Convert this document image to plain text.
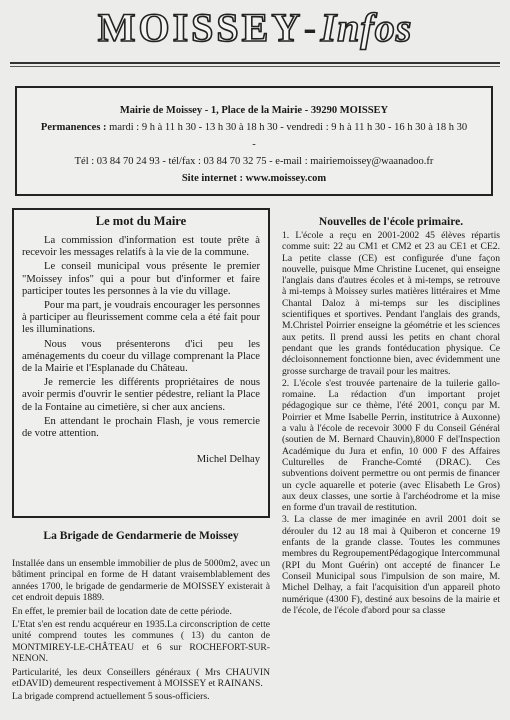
MOISSEY- Infos
Mairie de Moissey - 1, Place de la Mairie - 39290 MOISSEY
Permanences : mardi : 9 h à 11 h 30 - 13 h 30 à 18 h 30 - vendredi : 9 h à 11 h 30 - 16 h 30 à 18 h 30
-
Tél : 03 84 70 24 93 - tél/fax : 03 84 70 32 75 - e-mail : mairiemoissey@waanadoo.fr
Site internet : www.moissey.com
Le mot du Maire

La commission d'information est toute prête à recevoir les messages relatifs à la vie de la commune.

Le conseil municipal vous présente le premier "Moissey infos" qui a pour but d'informer et faire participer toutes les personnes à la vie du village.

Pour ma part, je voudrais encourager les personnes à participer au fleurissement comme cela a été fait pour les illuminations.

Nous vous présenterons d'ici peu les aménagements du coeur du village comprenant la Place de la Mairie et l'Esplanade du Château.

Je remercie les différents propriétaires de nous avoir permis d'ouvrir le sentier pédestre, reliant la Place de la Fontaine au cimetière, si cher aux anciens.

En attendant le prochain Flash, je vous remercie de votre attention.

Michel Delhay
La Brigade de Gendarmerie de Moissey

Installée dans un ensemble immobilier de plus de 5000m2, avec un bâtiment principal en forme de H datant vraisemblablement des années 1700, le brigade de gendarmerie de MOISSEY existerait à cet endroit depuis 1889.

En effet, le premier bail de location date de cette période.

L'Etat s'en est rendu acquéreur en 1935.La circonscription de cette unité comprend toutes les communes ( 13) du canton de MONTMIREY-LE-CHÂTEAU et 6 sur ROCHEFORT-SUR-NENON.

Particularité, les deux Conseillers généraux ( Mrs CHAUVIN etDAVID) demeurent respectivement à MOISSEY et RAINANS.

La brigade comprend actuellement 5 sous-officiers.

Nouvelles de l'école primaire.

1. L'école a reçu en 2001-2002 45 élèves répartis comme suit: 22 au CM1 et CM2 et 23 au CE1 et CE2. La petite classe (CE) est configurée d'une façon nouvelle, puisque Mme Christine Lucenet, qui enseigne l'anglais dans d'autres écoles et à mi-temps, se retrouve à mi-temps à Moissey surles matières littéraires et Mme Chantal Daloz à mi-temps sur les disciplines scientifiques et sportives. Pendant l'anglais des grands, M.Christel Poirrier enseigne la géométrie et les sciences aux petits. Il prend aussi les petits en chant choral pendant que les grands fontéducation physique. Ce décloisonnement fonctionne bien, avec évidemment une grosse surcharge de travail pour les maitres.

2. L'école s'est trouvée partenaire de la tuilerie gallo-romaine. La rédaction d'un important projet pédagogique sur ce thème, l'été 2001, conçu par M. Poirrier et Mme Isabelle Perrin, institutrice à Auxonne) a valu à l'école de recevoir 3000 F du Conseil Général (soutien de M. Bernard Chauvin),8000 F del'Inspection Académique du Jura et enfin, 10 000 F des Affaires Culturelles de Franche-Comté (DRAC). Ces subventions doivent permettre ou ont permis de financer un cycle aquarelle et poterie (avec Elisabeth Le Gros) aux deux classes, une sortie à l'archéodrome et la mise en forme d'un travail de restitution.

3. La classe de mer imaginée en avril 2001 doit se dérouler du 12 au 18 mai à Quiberon et concerne 19 enfants de la grande classe. Toutes les communes membres du RegroupementPédagogique Intercommunal (RPI du Mont Guérin) ont accepté de financer Le Conseil Municipal sous l'impulsion de son maire, M. Michel Delhay, a fait l'acquisition d'un appareil photo numérique (4300 F), destiné aux besoins de la mairie et de l'école, de l'école d'abord pour sa classe
